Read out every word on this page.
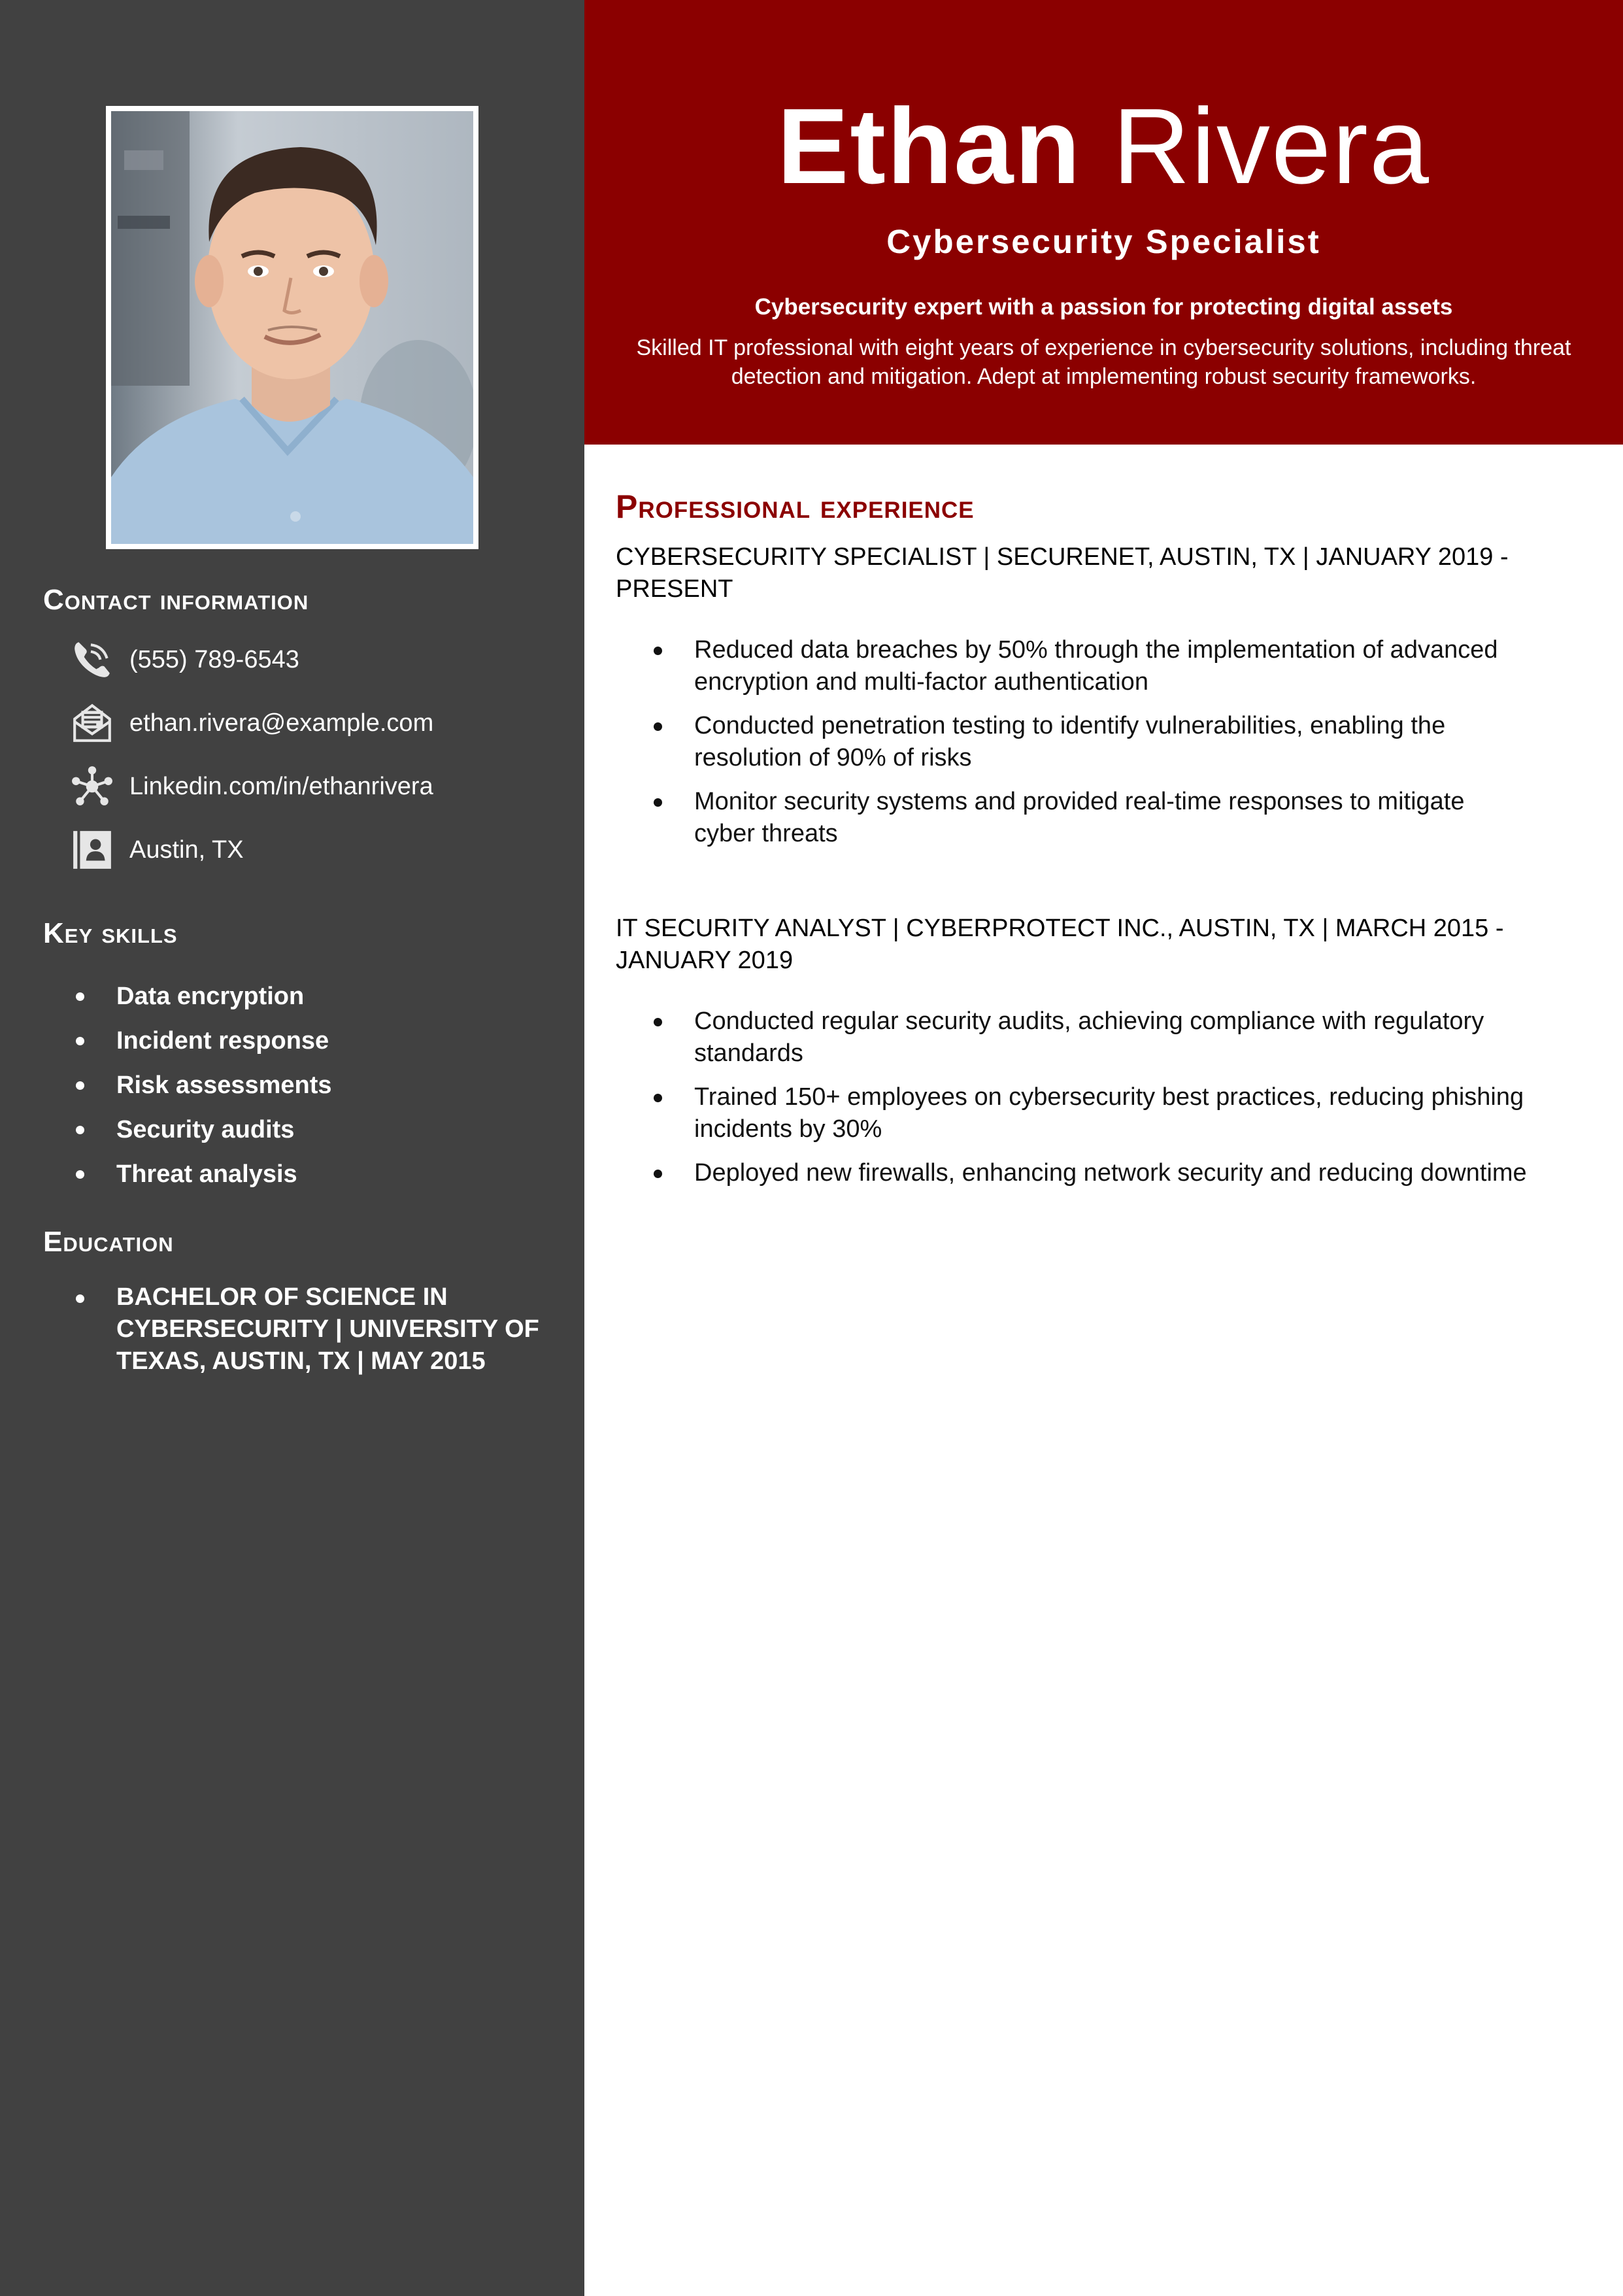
Contact information
(555) 789-6543
ethan.rivera@example.com
Linkedin.com/in/ethanrivera
Austin, TX
Key skills
Data encryption
Incident response
Risk assessments
Security audits
Threat analysis
Education
BACHELOR OF SCIENCE IN CYBERSECURITY | UNIVERSITY OF TEXAS, AUSTIN, TX | MAY 2015
Ethan Rivera
Cybersecurity Specialist
Cybersecurity expert with a passion for protecting digital assets
Skilled IT professional with eight years of experience in cybersecurity solutions, including threat detection and mitigation. Adept at implementing robust security frameworks.
Professional experience
CYBERSECURITY SPECIALIST | SECURENET, AUSTIN, TX | JANUARY 2019 - PRESENT
Reduced data breaches by 50% through the implementation of advanced encryption and multi-factor authentication
Conducted penetration testing to identify vulnerabilities, enabling the resolution of 90% of risks
Monitor security systems and provided real-time responses to mitigate cyber threats
IT SECURITY ANALYST | CYBERPROTECT INC., AUSTIN, TX | MARCH 2015 - JANUARY 2019
Conducted regular security audits, achieving compliance with regulatory standards
Trained 150+ employees on cybersecurity best practices, reducing phishing incidents by 30%
Deployed new firewalls, enhancing network security and reducing downtime
